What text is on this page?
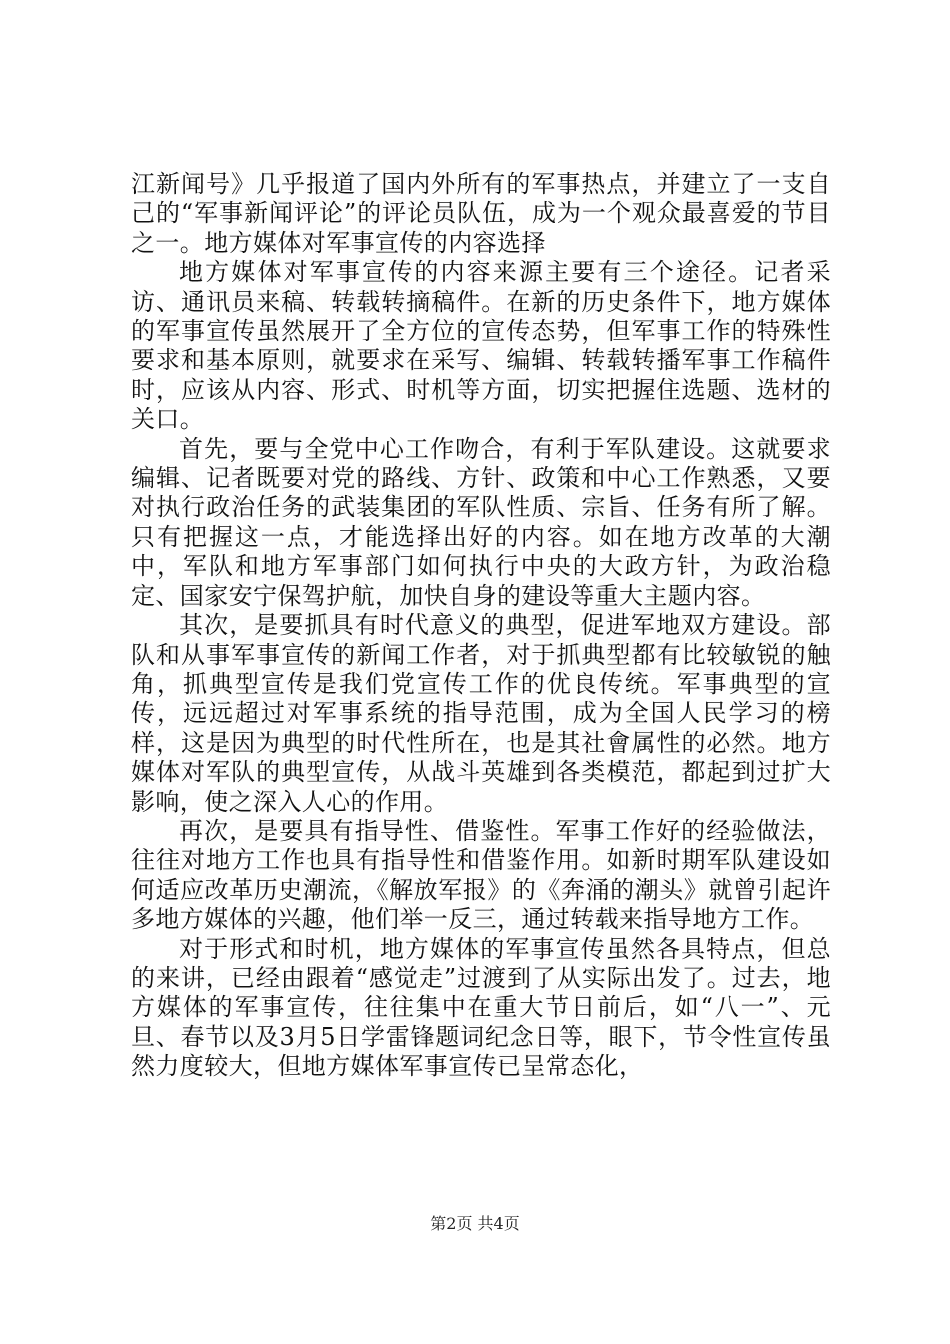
江新闻号》几乎报道了国内外所有的军事热点，并建立了一支自己的“军事新闻评论”的评论员队伍，成为一个观众最喜爱的节目之一。地方媒体对军事宣传的内容选择

地方媒体对军事宣传的内容来源主要有三个途径。记者采访、通讯员来稿、转载转摘稿件。在新的历史条件下，地方媒体的军事宣传虽然展开了全方位的宣传态势，但军事工作的特殊性要求和基本原则，就要求在采写、编辑、转载转播军事工作稿件时，应该从内容、形式、时机等方面，切实把握住选题、选材的关口。

首先，要与全党中心工作吻合，有利于军队建设。这就要求编辑、记者既要对党的路线、方针、政策和中心工作熟悉，又要对执行政治任务的武装集团的军队性质、宗旨、任务有所了解。只有把握这一点，才能选择出好的内容。如在地方改革的大潮中，军队和地方军事部门如何执行中央的大政方针，为政治稳定、国家安宁保驾护航，加快自身的建设等重大主题内容。

其次，是要抓具有时代意义的典型，促进军地双方建设。部队和从事军事宣传的新闻工作者，对于抓典型都有比较敏锐的触角，抓典型宣传是我们党宣传工作的优良传统。军事典型的宣传，远远超过对军事系统的指导范围，成为全国人民学习的榜样，这是因为典型的时代性所在，也是其社會属性的必然。地方媒体对军队的典型宣传，从战斗英雄到各类模范，都起到过扩大影响，使之深入人心的作用。

再次，是要具有指导性、借鉴性。军事工作好的经验做法，往往对地方工作也具有指导性和借鉴作用。如新时期军队建设如何适应改革历史潮流，《解放军报》的《奔涌的潮头》就曾引起许多地方媒体的兴趣，他们举一反三，通过转载来指导地方工作。

对于形式和时机，地方媒体的军事宣传虽然各具特点，但总的来讲，已经由跟着“感觉走”过渡到了从实际出发了。过去，地方媒体的军事宣传，往往集中在重大节日前后，如“八一”、元旦、春节以及3月5日学雷锋题词纪念日等，眼下，节令性宣传虽然力度较大，但地方媒体军事宣传已呈常态化，

第2页 共4页
